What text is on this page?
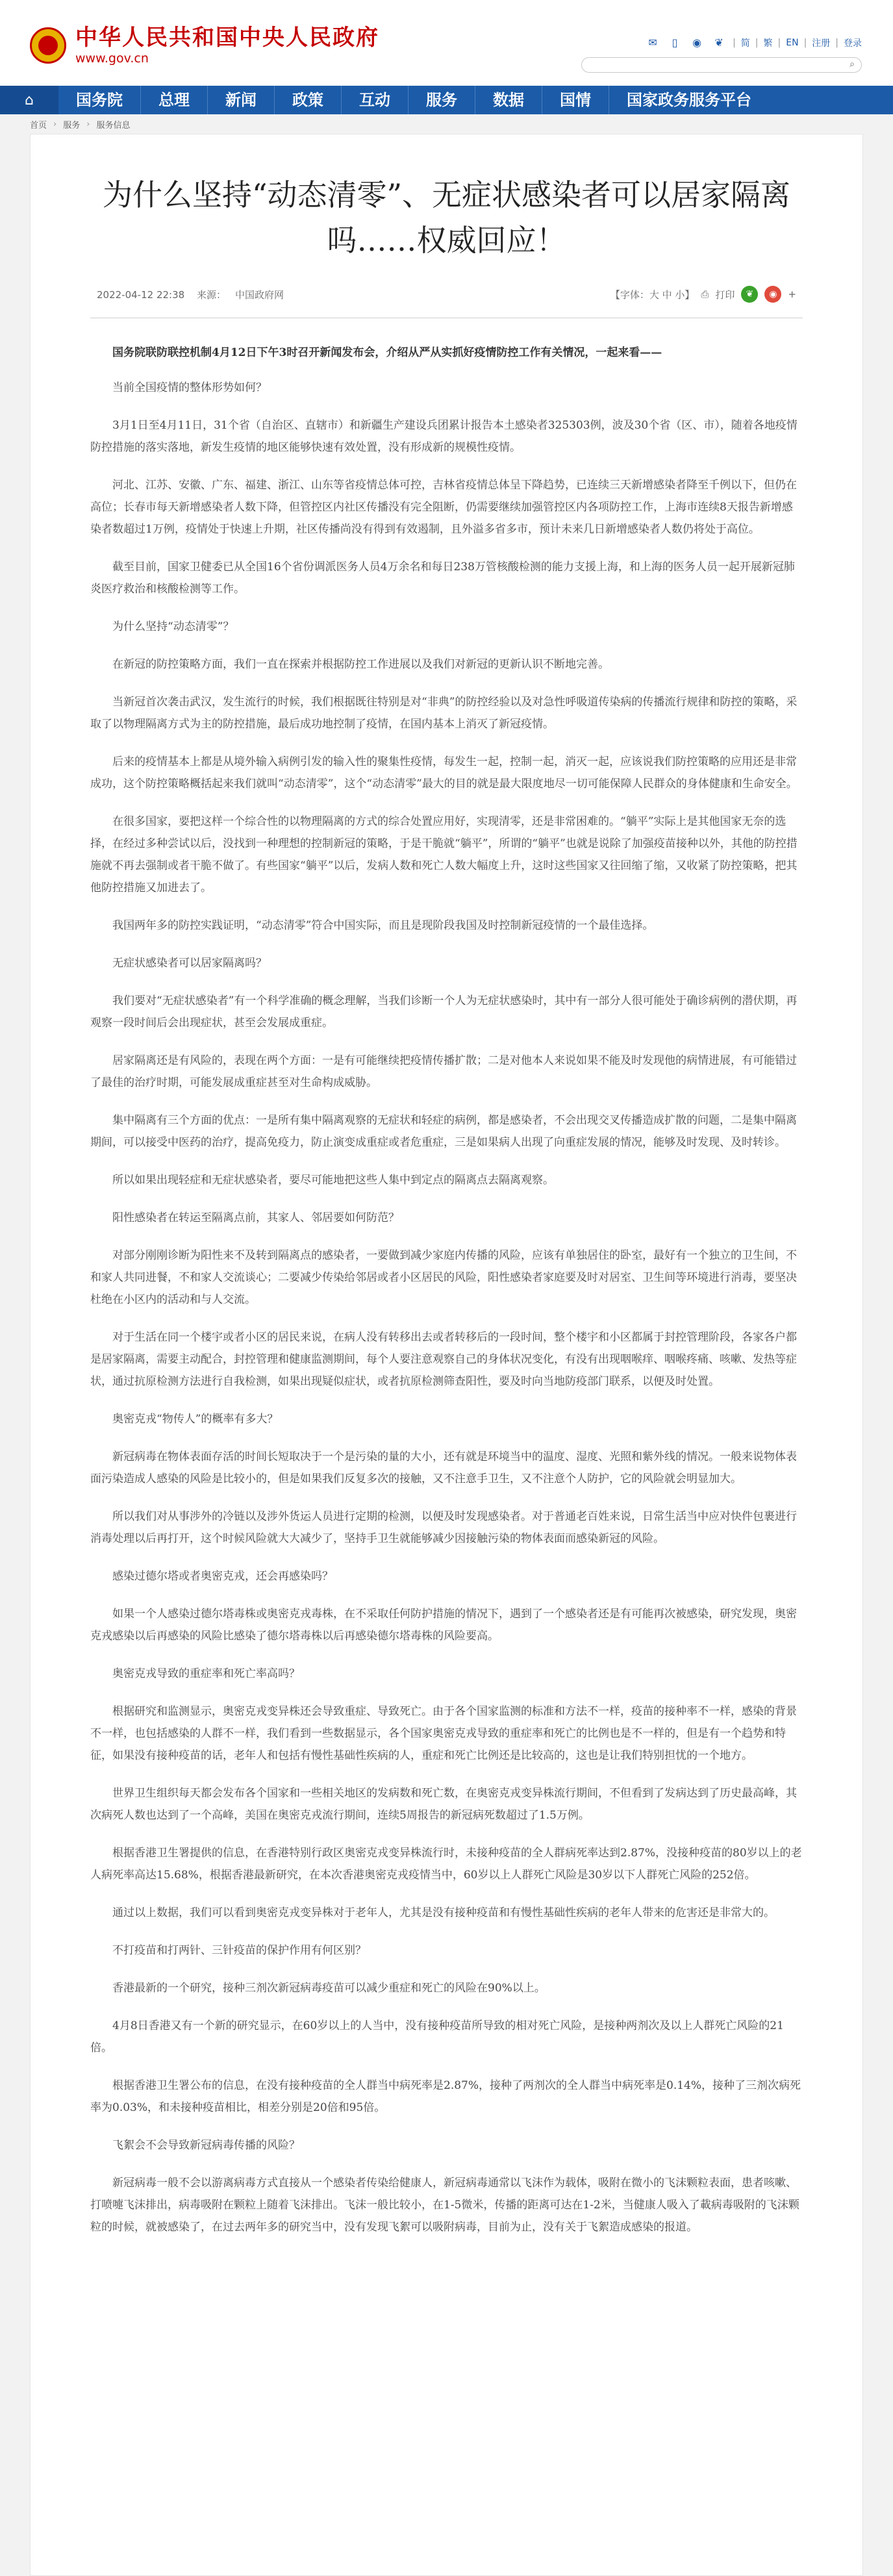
中华人民共和国中央人民政府
www.gov.cn
✉	▯	◉	❦	| 简 | 繁 | EN | 注册 | 登录
⌕
⌂	国务院	总理	新闻	政策	互动	服务	数据	国情	国家政务服务平台
首页 › 服务 › 服务信息
为什么坚持“动态清零”、无症状感染者可以居家隔离吗……权威回应！
2022-04-12 22:38 来源： 中国政府网	【字体：大 中 小】 ⎙ 打印	❦	◉	+

国务院联防联控机制4月12日下午3时召开新闻发布会，介绍从严从实抓好疫情防控工作有关情况，一起来看——

当前全国疫情的整体形势如何？

3月1日至4月11日，31个省（自治区、直辖市）和新疆生产建设兵团累计报告本土感染者325303例，波及30个省（区、市），随着各地疫情防控措施的落实落地，新发生疫情的地区能够快速有效处置，没有形成新的规模性疫情。

河北、江苏、安徽、广东、福建、浙江、山东等省疫情总体可控，吉林省疫情总体呈下降趋势，已连续三天新增感染者降至千例以下，但仍在高位；长春市每天新增感染者人数下降，但管控区内社区传播没有完全阻断，仍需要继续加强管控区内各项防控工作，上海市连续8天报告新增感染者数超过1万例，疫情处于快速上升期，社区传播尚没有得到有效遏制，且外溢多省多市，预计未来几日新增感染者人数仍将处于高位。

截至目前，国家卫健委已从全国16个省份调派医务人员4万余名和每日238万管核酸检测的能力支援上海，和上海的医务人员一起开展新冠肺炎医疗救治和核酸检测等工作。

为什么坚持“动态清零”？

在新冠的防控策略方面，我们一直在探索并根据防控工作进展以及我们对新冠的更新认识不断地完善。

当新冠首次袭击武汉，发生流行的时候，我们根据既往特别是对“非典”的防控经验以及对急性呼吸道传染病的传播流行规律和防控的策略，采取了以物理隔离方式为主的防控措施，最后成功地控制了疫情，在国内基本上消灭了新冠疫情。

后来的疫情基本上都是从境外输入病例引发的输入性的聚集性疫情，每发生一起，控制一起，消灭一起，应该说我们防控策略的应用还是非常成功，这个防控策略概括起来我们就叫“动态清零”，这个“动态清零”最大的目的就是最大限度地尽一切可能保障人民群众的身体健康和生命安全。

在很多国家，要把这样一个综合性的以物理隔离的方式的综合处置应用好，实现清零，还是非常困难的。“躺平”实际上是其他国家无奈的选择，在经过多种尝试以后，没找到一种理想的控制新冠的策略，于是干脆就“躺平”，所谓的“躺平”也就是说除了加强疫苗接种以外，其他的防控措施就不再去强制或者干脆不做了。有些国家“躺平”以后，发病人数和死亡人数大幅度上升，这时这些国家又往回缩了缩，又收紧了防控策略，把其他防控措施又加进去了。

我国两年多的防控实践证明，“动态清零”符合中国实际，而且是现阶段我国及时控制新冠疫情的一个最佳选择。

无症状感染者可以居家隔离吗？

我们要对“无症状感染者”有一个科学准确的概念理解，当我们诊断一个人为无症状感染时，其中有一部分人很可能处于确诊病例的潜伏期，再观察一段时间后会出现症状，甚至会发展成重症。

居家隔离还是有风险的，表现在两个方面：一是有可能继续把疫情传播扩散；二是对他本人来说如果不能及时发现他的病情进展，有可能错过了最佳的治疗时期，可能发展成重症甚至对生命构成威胁。

集中隔离有三个方面的优点：一是所有集中隔离观察的无症状和轻症的病例，都是感染者，不会出现交叉传播造成扩散的问题，二是集中隔离期间，可以接受中医药的治疗，提高免疫力，防止演变成重症或者危重症，三是如果病人出现了向重症发展的情况，能够及时发现、及时转诊。

所以如果出现轻症和无症状感染者，要尽可能地把这些人集中到定点的隔离点去隔离观察。

阳性感染者在转运至隔离点前，其家人、邻居要如何防范？

对部分刚刚诊断为阳性来不及转到隔离点的感染者，一要做到减少家庭内传播的风险，应该有单独居住的卧室，最好有一个独立的卫生间，不和家人共同进餐，不和家人交流谈心；二要减少传染给邻居或者小区居民的风险，阳性感染者家庭要及时对居室、卫生间等环境进行消毒，要坚决杜绝在小区内的活动和与人交流。

对于生活在同一个楼宇或者小区的居民来说，在病人没有转移出去或者转移后的一段时间，整个楼宇和小区都属于封控管理阶段，各家各户都是居家隔离，需要主动配合，封控管理和健康监测期间，每个人要注意观察自己的身体状况变化，有没有出现咽喉痒、咽喉疼痛、咳嗽、发热等症状，通过抗原检测方法进行自我检测，如果出现疑似症状，或者抗原检测筛查阳性，要及时向当地防疫部门联系，以便及时处置。

奥密克戎“物传人”的概率有多大？

新冠病毒在物体表面存活的时间长短取决于一个是污染的量的大小，还有就是环境当中的温度、湿度、光照和紫外线的情况。一般来说物体表面污染造成人感染的风险是比较小的，但是如果我们反复多次的接触，又不注意手卫生，又不注意个人防护，它的风险就会明显加大。

所以我们对从事涉外的冷链以及涉外货运人员进行定期的检测，以便及时发现感染者。对于普通老百姓来说，日常生活当中应对快件包裹进行消毒处理以后再打开，这个时候风险就大大减少了，坚持手卫生就能够减少因接触污染的物体表面而感染新冠的风险。

感染过德尔塔或者奥密克戎，还会再感染吗？

如果一个人感染过德尔塔毒株或奥密克戎毒株，在不采取任何防护措施的情况下，遇到了一个感染者还是有可能再次被感染，研究发现，奥密克戎感染以后再感染的风险比感染了德尔塔毒株以后再感染德尔塔毒株的风险要高。

奥密克戎导致的重症率和死亡率高吗？

根据研究和监测显示，奥密克戎变异株还会导致重症、导致死亡。由于各个国家监测的标准和方法不一样，疫苗的接种率不一样，感染的背景不一样，也包括感染的人群不一样，我们看到一些数据显示，各个国家奥密克戎导致的重症率和死亡的比例也是不一样的，但是有一个趋势和特征，如果没有接种疫苗的话，老年人和包括有慢性基础性疾病的人，重症和死亡比例还是比较高的，这也是让我们特别担忧的一个地方。

世界卫生组织每天都会发布各个国家和一些相关地区的发病数和死亡数，在奥密克戎变异株流行期间，不但看到了发病达到了历史最高峰，其次病死人数也达到了一个高峰，美国在奥密克戎流行期间，连续5周报告的新冠病死数超过了1.5万例。

根据香港卫生署提供的信息，在香港特别行政区奥密克戎变异株流行时，未接种疫苗的全人群病死率达到2.87%，没接种疫苗的80岁以上的老人病死率高达15.68%，根据香港最新研究，在本次香港奥密克戎疫情当中，60岁以上人群死亡风险是30岁以下人群死亡风险的252倍。

通过以上数据，我们可以看到奥密克戎变异株对于老年人，尤其是没有接种疫苗和有慢性基础性疾病的老年人带来的危害还是非常大的。

不打疫苗和打两针、三针疫苗的保护作用有何区别？

香港最新的一个研究，接种三剂次新冠病毒疫苗可以减少重症和死亡的风险在90%以上。

4月8日香港又有一个新的研究显示，在60岁以上的人当中，没有接种疫苗所导致的相对死亡风险，是接种两剂次及以上人群死亡风险的21倍。

根据香港卫生署公布的信息，在没有接种疫苗的全人群当中病死率是2.87%，接种了两剂次的全人群当中病死率是0.14%，接种了三剂次病死率为0.03%，和未接种疫苗相比，相差分别是20倍和95倍。

飞絮会不会导致新冠病毒传播的风险？

新冠病毒一般不会以游离病毒方式直接从一个感染者传染给健康人，新冠病毒通常以飞沫作为载体，吸附在微小的飞沫颗粒表面，患者咳嗽、打喷嚏飞沫排出，病毒吸附在颗粒上随着飞沫排出。飞沫一般比较小，在1-5微米，传播的距离可达在1-2米，当健康人吸入了載病毒吸附的飞沫颗粒的时候，就被感染了，在过去两年多的研究当中，没有发现飞絮可以吸附病毒，目前为止，没有关于飞絮造成感染的报道。
